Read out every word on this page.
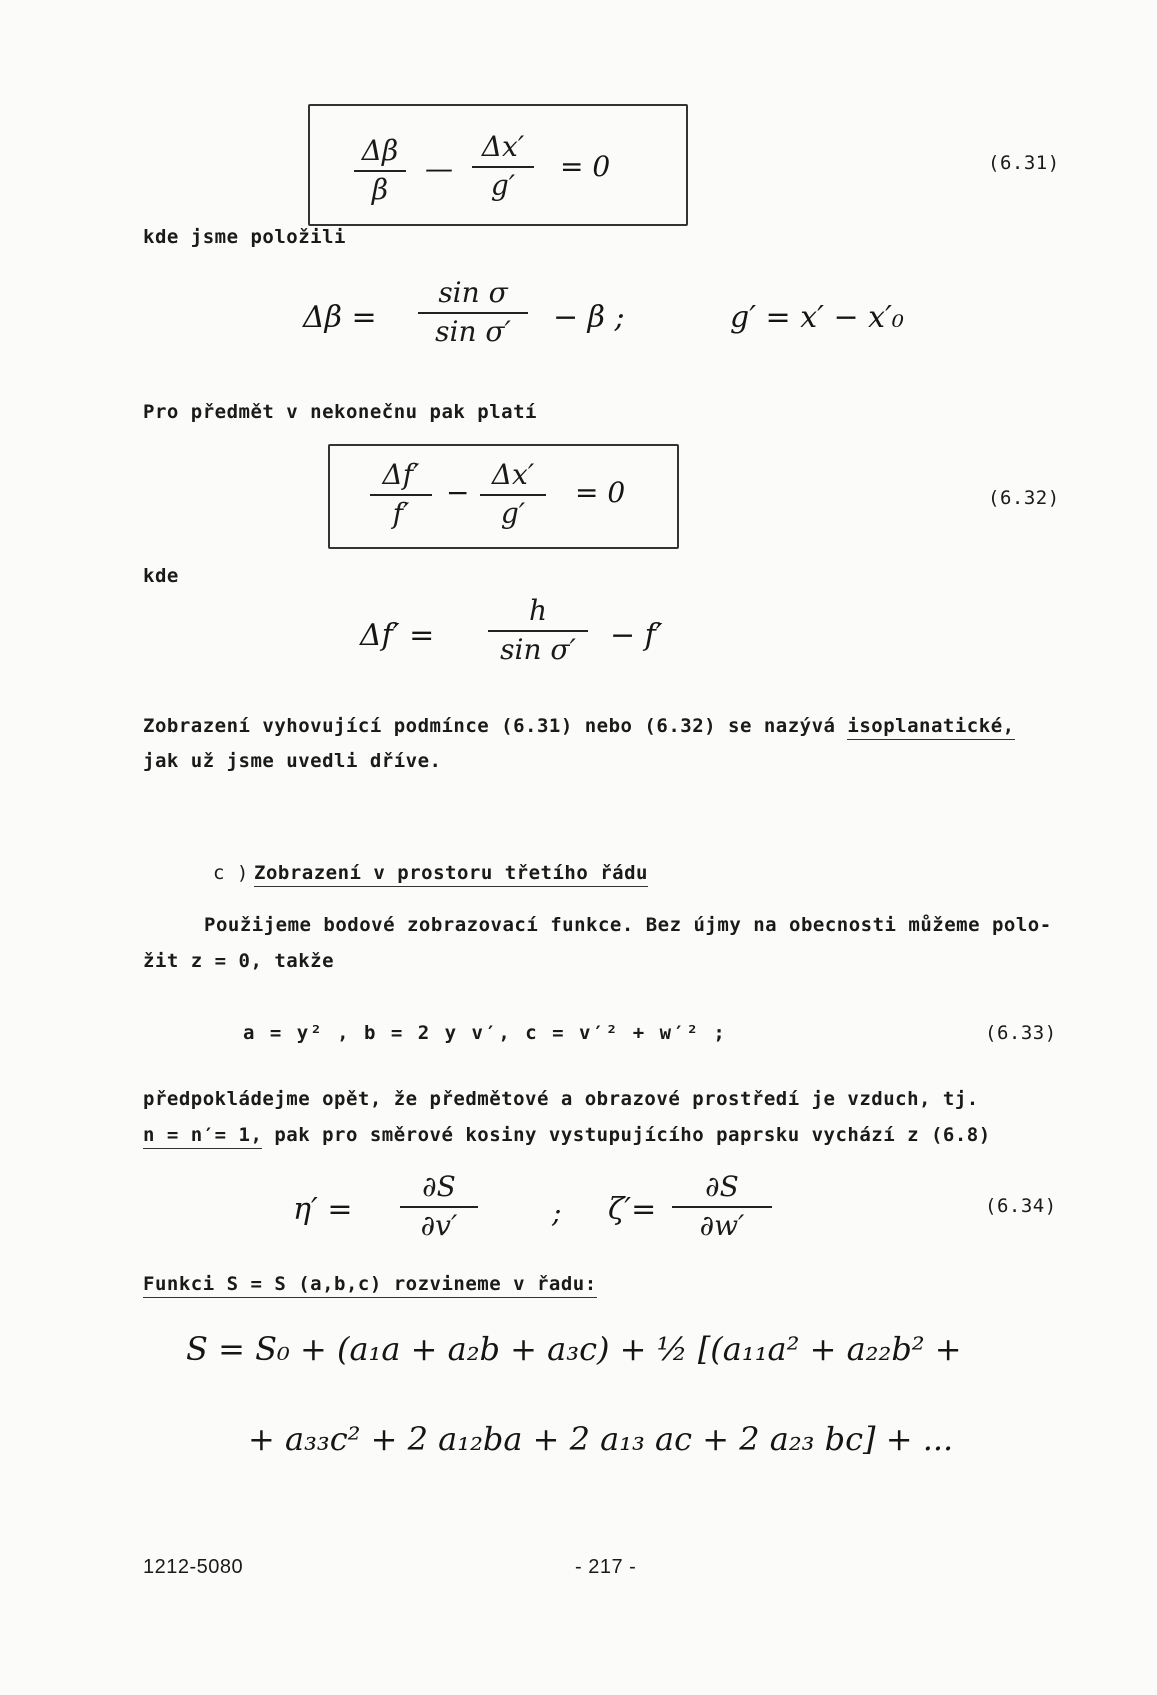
Δβ
β
—
Δx′
g′
= 0	(6.31)
kde jsme položili
Δβ =
sin σ
sin σ′	− β ;	g′ = x′ − x′₀
Pro předmět v nekonečnu pak platí
Δf′
f′
−
Δx′
g′
= 0	(6.32)
kde
Δf′ =
h
sin σ′	− f′
Zobrazení vyhovující podmínce (6.31) nebo (6.32) se nazývá isoplanatické,
jak už jsme uvedli dříve.
c ) Zobrazení v prostoru třetího řádu
Použijeme bodové zobrazovací funkce. Bez újmy na obecnosti můžeme polo-
žit z = 0, takže
a = y² , b = 2 y v′, c = v′² + w′² ;	(6.33)
předpokládejme opět, že předmětové a obrazové prostředí je vzduch, tj.
n = n′= 1, pak pro směrové kosiny vystupujícího paprsku vychází z (6.8)
η′ =
∂S
∂v′	; ζ′=
∂S
∂w′
(6.34)
Funkci S = S (a,b,c) rozvineme v řadu:
S = S₀ + (a₁a + a₂b + a₃c) + ½ [(a₁₁a² + a₂₂b² +
+ a₃₃c² + 2 a₁₂ba + 2 a₁₃ ac + 2 a₂₃ bc] + ...
1212-5080	- 217 -
